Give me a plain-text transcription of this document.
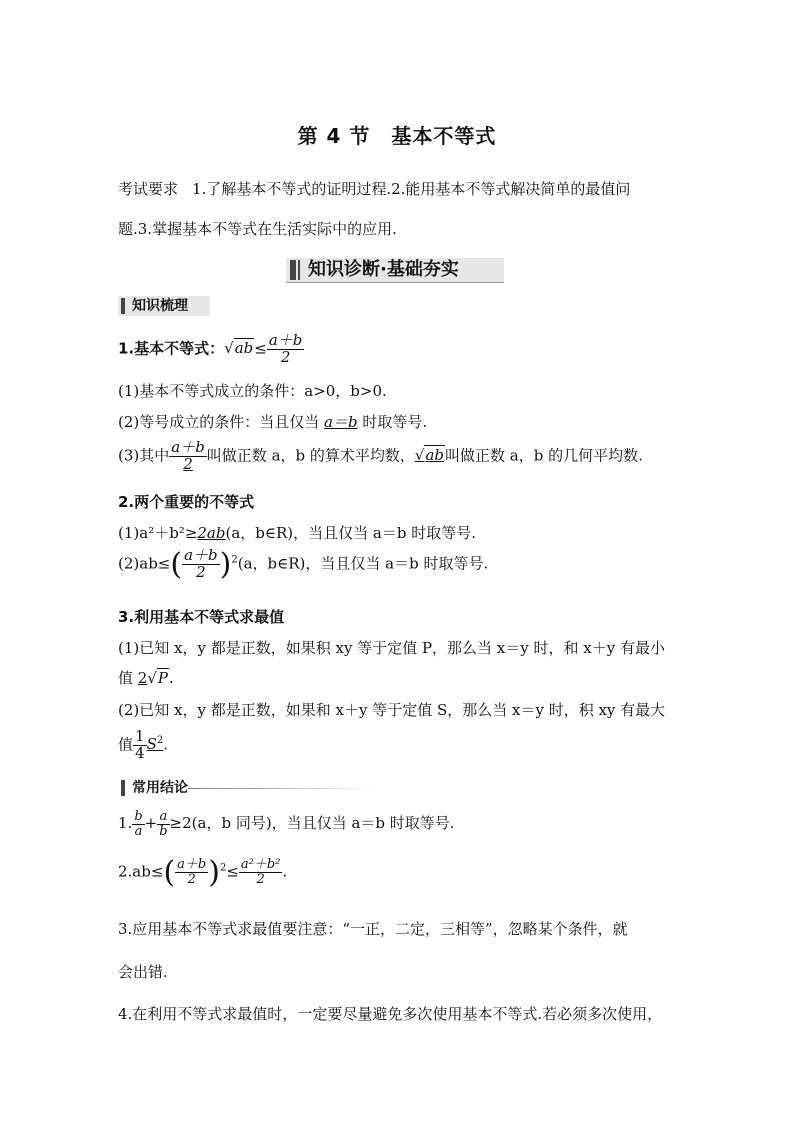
第 4 节　基本不等式
考试要求 1.了解基本不等式的证明过程.2.能用基本不等式解决简单的最值问
题.3.掌握基本不等式在生活实际中的应用.
知识诊断·基础夯实
知识梳理
1.基本不等式：$√ab\le \frac{a+b}{2}$
(1)基本不等式成立的条件：a>0，b>0.
(2)等号成立的条件：当且仅当 a＝b 时取等号.
(3)其中 $\frac{a+b}{2}$ 叫做正数 a，b 的算术平均数，√ab叫做正数 a，b 的几何平均数.
2.两个重要的不等式
(1)a²＋b²≥2ab(a，b∈R)，当且仅当 a＝b 时取等号.
$(2)ab\le( \frac{a+b}{2} )^2(a$，b∈R)，当且仅当 a＝b 时取等号.
3.利用基本不等式求最值
(1)已知 x，y 都是正数，如果积 xy 等于定值 P，那么当 x＝y 时，和 x＋y 有最小
值 2√P.
(2)已知 x，y 都是正数，如果和 x＋y 等于定值 S，那么当 x＝y 时，积 xy 有最大
值 $\frac{1}{4} S^2$.
常用结论
1. $\frac{b}{a} + \frac{a}{b} \ge 2(a$，b 同号)，当且仅当 a＝b 时取等号.
$2.ab\le( \frac{a+b}{2} )^2\le \frac{\text{a²＋b²}}{2}$ .
3.应用基本不等式求最值要注意：“一正，二定，三相等”，忽略某个条件，就
会出错.
4.在利用不等式求最值时，一定要尽量避免多次使用基本不等式.若必须多次使用，
